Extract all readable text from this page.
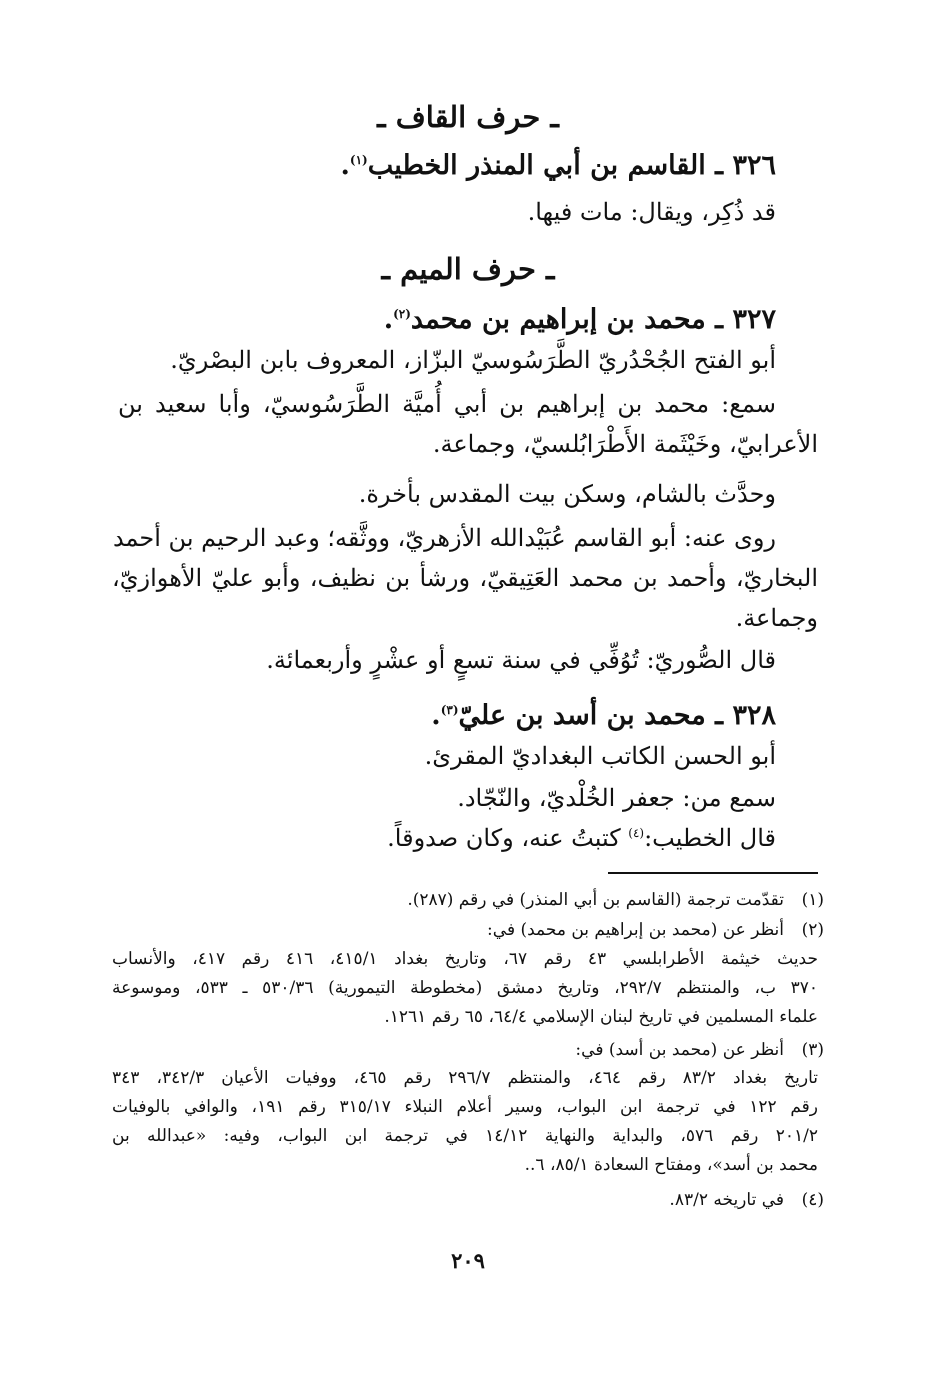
ـ حرف القاف ـ
٣٢٦ ـ القاسم بن أبي المنذر الخطيب$^{(١)}$.
قد ذُكِر، ويقال: مات فيها.
ـ حرف الميم ـ
٣٢٧ ـ محمد بن إبراهيم بن محمد$^{(٢)}$.
أبو الفتح الجُحْدُريّ الطَّرَسُوسيّ البزّاز، المعروف بابن البصْريّ.
سمع: محمد بن إبراهيم بن أبي أُميَّة الطَّرَسُوسيّ، وأبا سعيد بن
الأعرابيّ، وخَيْثَمة الأَطْرَابُلسيّ، وجماعة.
وحدَّث بالشام، وسكن بيت المقدس بأخرة.
روى عنه: أبو القاسم عُبَيْدالله الأزهريّ، ووثَّقه؛ وعبد الرحيم بن أحمد
البخاريّ، وأحمد بن محمد العَتِيقيّ، ورشأ بن نظيف، وأبو عليّ الأهوازيّ،
وجماعة.
قال الصُّوريّ: تُوُفِّي في سنة تسعٍ أو عشْرٍ وأربعمائة.
٣٢٨ ـ محمد بن أسد بن عليّ$^{(٣)}$.
أبو الحسن الكاتب البغداديّ المقرئ.
سمع من: جعفر الخُلْديّ، والنّجّاد.
قال الخطيب:$^{(٤)}$ كتبتُ عنه، وكان صدوقاً.
(١)
تقدّمت ترجمة (القاسم بن أبي المنذر) في رقم (٢٨٧).
(٢)
أنظر عن (محمد بن إبراهيم بن محمد) في:
حديث خيثمة الأطرابلسي ٤٣ رقم ٦٧، وتاريخ بغداد ٤١٥/١، ٤١٦ رقم ٤١٧، والأنساب
٣٧٠ ب، والمنتظم ٢٩٢/٧، وتاريخ دمشق (مخطوطة التيمورية) ٥٣٠/٣٦ ـ ٥٣٣، وموسوعة
علماء المسلمين في تاريخ لبنان الإسلامي ٦٤/٤، ٦٥ رقم ١٢٦١.
(٣)
أنظر عن (محمد بن أسد) في:
تاريخ بغداد ٨٣/٢ رقم ٤٦٤، والمنتظم ٢٩٦/٧ رقم ٤٦٥، ووفيات الأعيان ٣٤٢/٣، ٣٤٣
رقم ١٢٢ في ترجمة ابن البواب، وسير أعلام النبلاء ٣١٥/١٧ رقم ١٩١، والوافي بالوفيات
٢٠١/٢ رقم ٥٧٦، والبداية والنهاية ١٤/١٢ في ترجمة ابن البواب، وفيه: «عبدالله بن
محمد بن أسد»، ومفتاح السعادة ٨٥/١، ٦..
(٤)
في تاريخه ٨٣/٢.
٢٠٩
